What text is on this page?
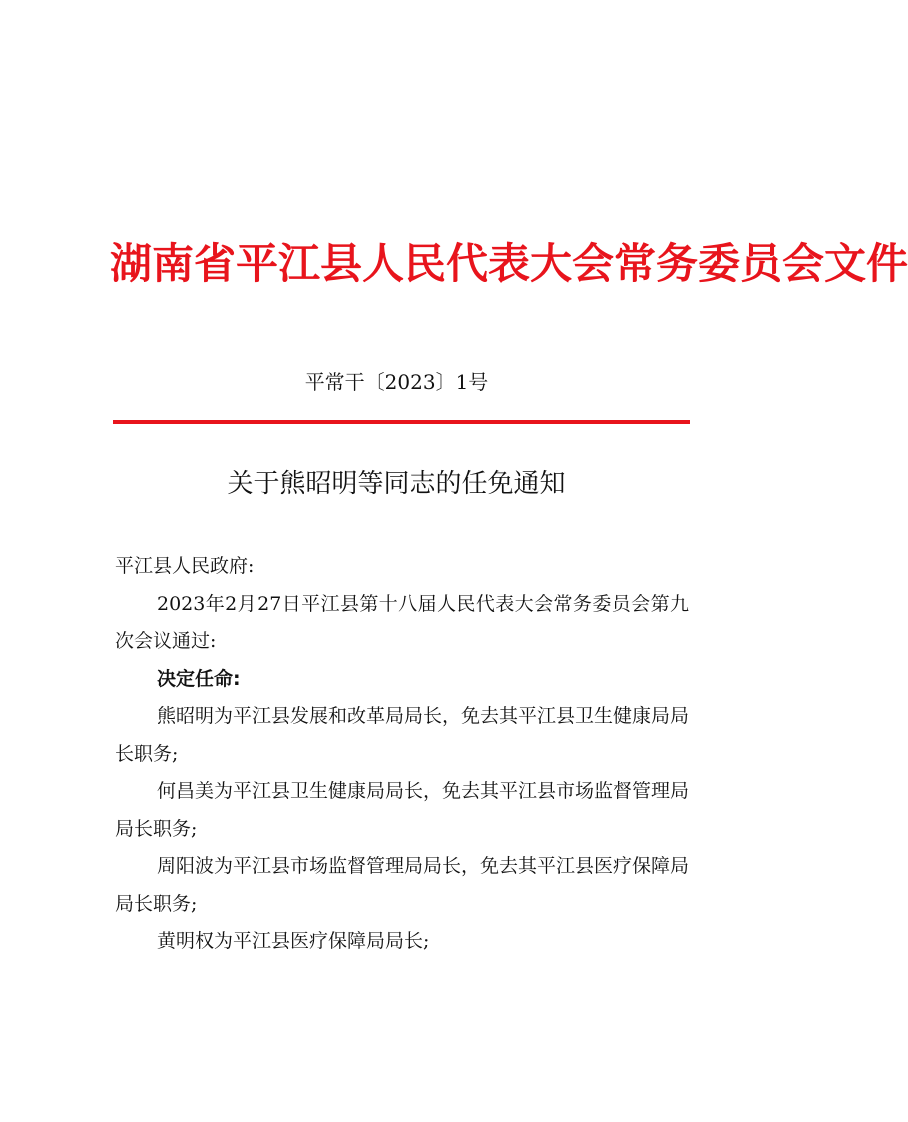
湖南省平江县人民代表大会常务委员会文件
平常干〔2023〕1号
关于熊昭明等同志的任免通知

平江县人民政府:

2023年2月27日平江县第十八届人民代表大会常务委员会第九次会议通过:

决定任命:

熊昭明为平江县发展和改革局局长，免去其平江县卫生健康局局长职务;

何昌美为平江县卫生健康局局长，免去其平江县市场监督管理局局长职务;

周阳波为平江县市场监督管理局局长，免去其平江县医疗保障局局长职务;

黄明权为平江县医疗保障局局长;
